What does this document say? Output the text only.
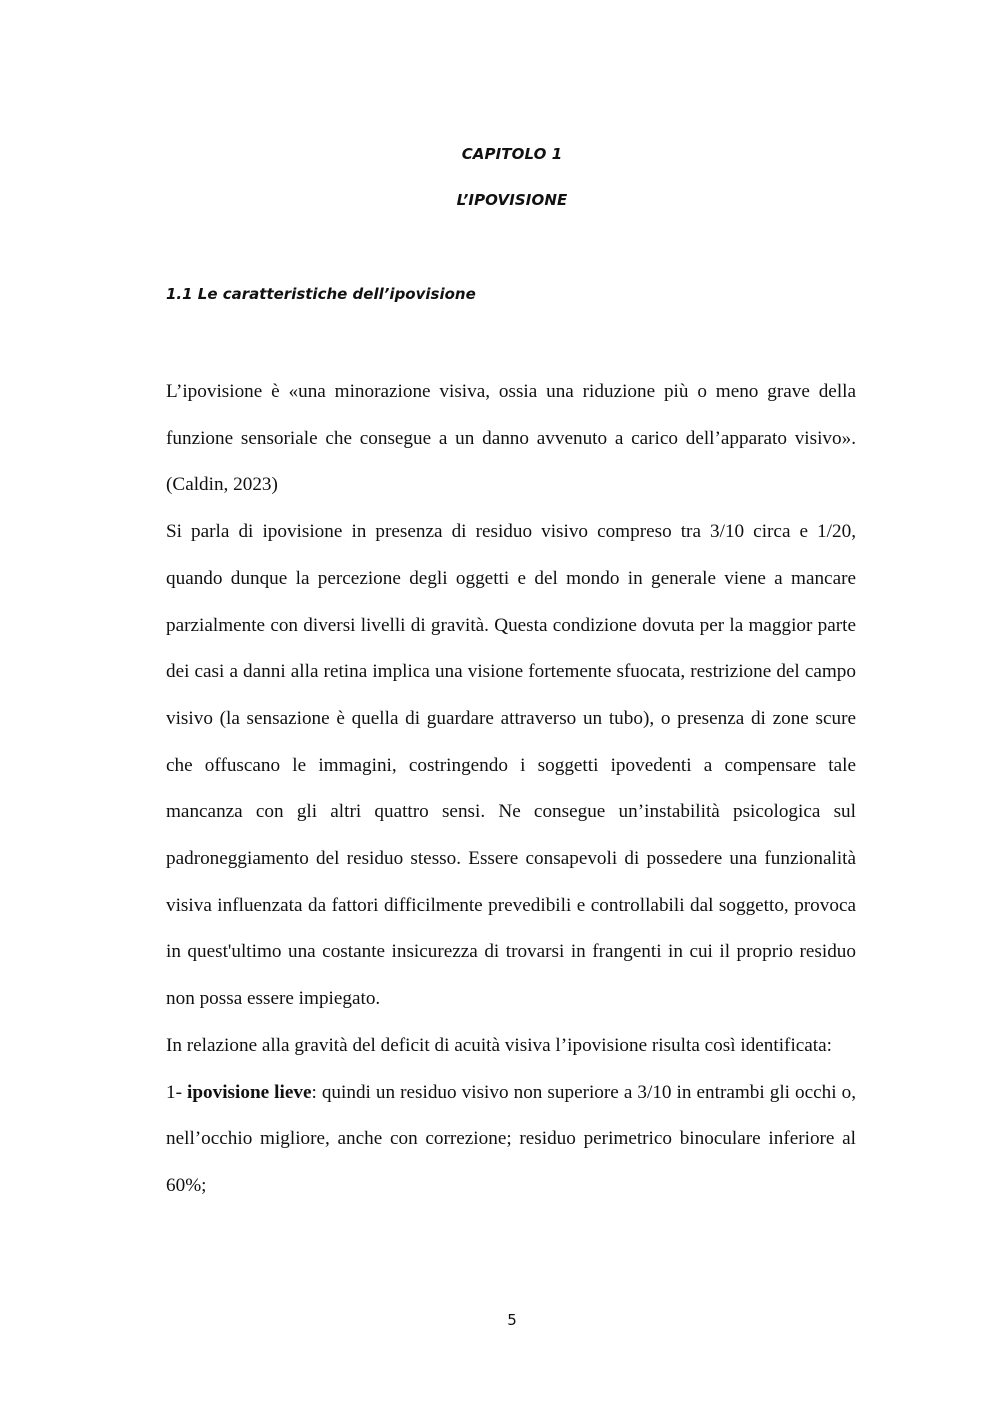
CAPITOLO 1
L’IPOVISIONE
1.1 Le caratteristiche dell’ipovisione

L’ipovisione è «una minorazione visiva, ossia una riduzione più o meno grave della funzione sensoriale che consegue a un danno avvenuto a carico dell’apparato visivo». (Caldin, 2023)

Si parla di ipovisione in presenza di residuo visivo compreso tra 3/10 circa e 1/20, quando dunque la percezione degli oggetti e del mondo in generale viene a mancare parzialmente con diversi livelli di gravità. Questa condizione dovuta per la maggior parte dei casi a danni alla retina implica una visione fortemente sfuocata, restrizione del campo visivo (la sensazione è quella di guardare attraverso un tubo), o presenza di zone scure che offuscano le immagini, costringendo i soggetti ipovedenti a compensare tale mancanza con gli altri quattro sensi. Ne consegue un’instabilità psicologica sul padroneggiamento del residuo stesso. Essere consapevoli di possedere una funzionalità visiva influenzata da fattori difficilmente prevedibili e controllabili dal soggetto, provoca in quest'ultimo una costante insicurezza di trovarsi in frangenti in cui il proprio residuo non possa essere impiegato.

In relazione alla gravità del deficit di acuità visiva l’ipovisione risulta così identificata:

1- ipovisione lieve: quindi un residuo visivo non superiore a 3/10 in entrambi gli occhi o, nell’occhio migliore, anche con correzione; residuo perimetrico binoculare inferiore al 60%;

5
